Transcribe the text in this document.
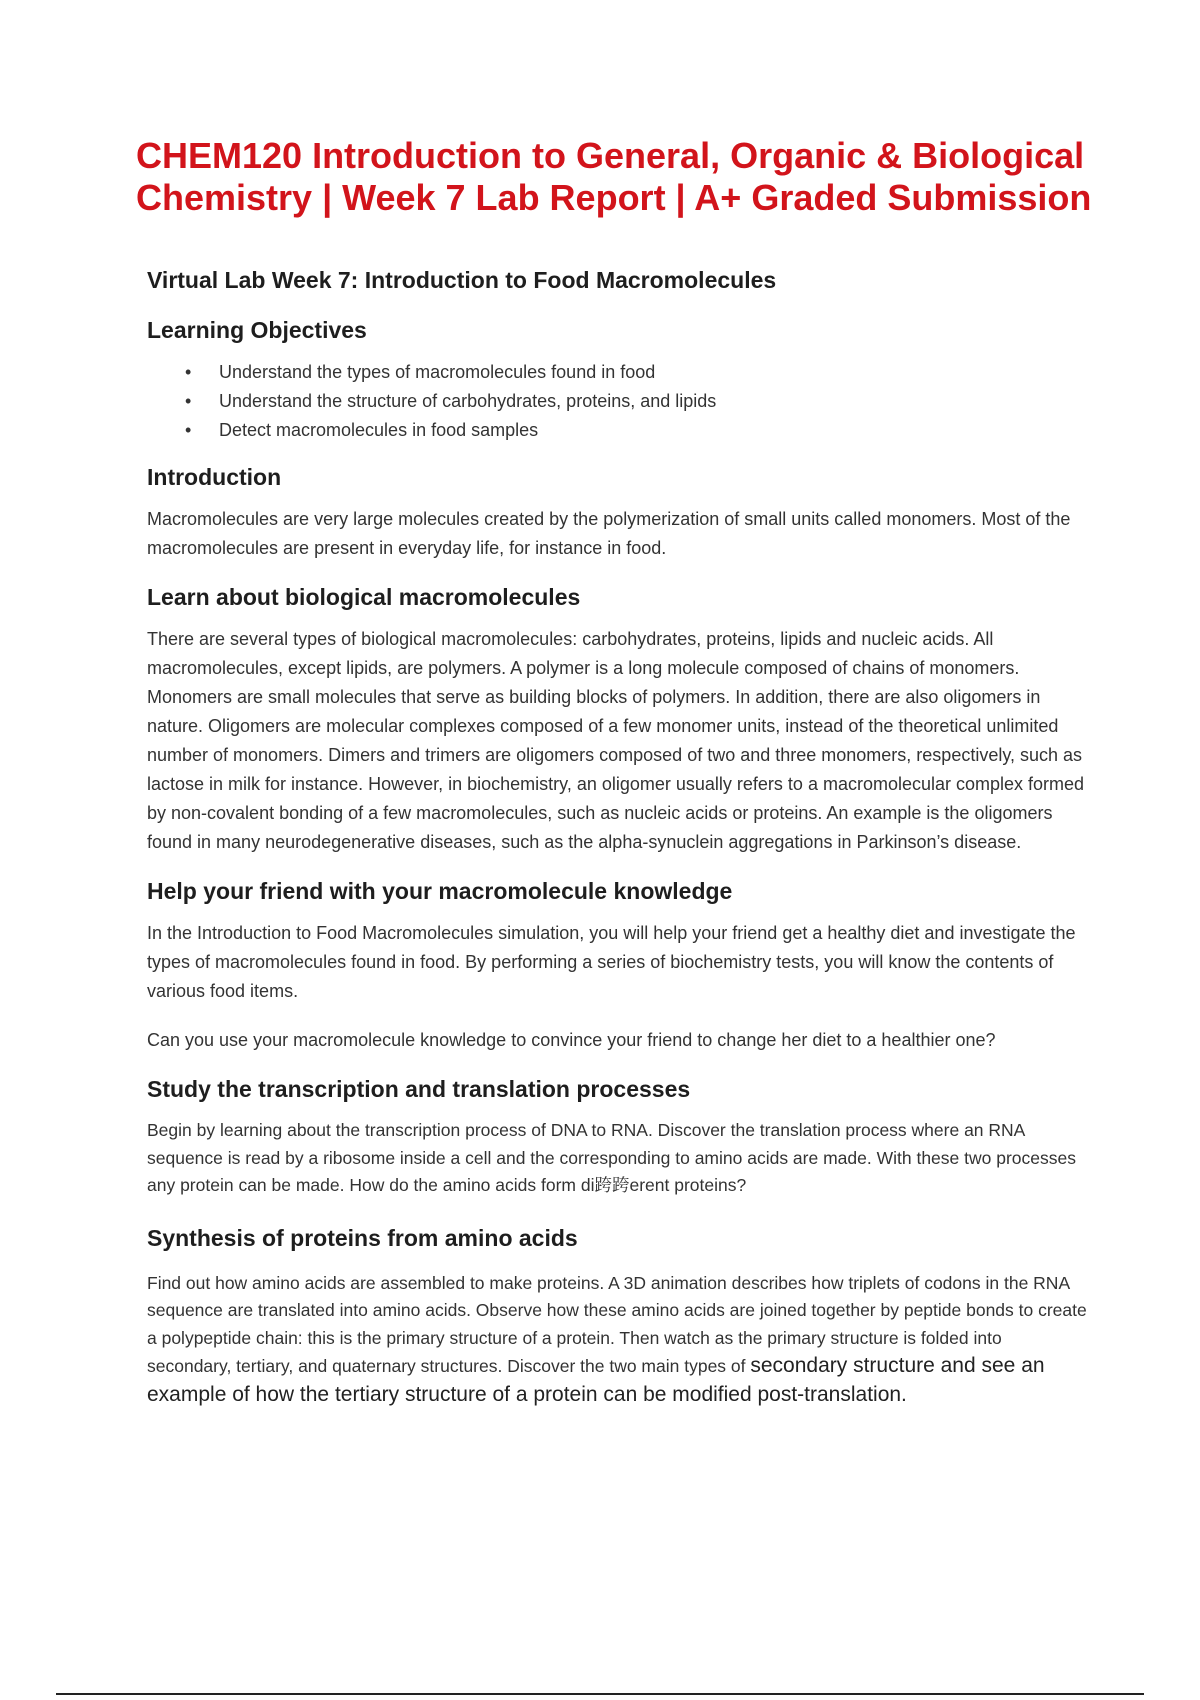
CHEM120 Introduction to General, Organic & Biological Chemistry | Week 7 Lab Report | A+ Graded Submission
Virtual Lab Week 7: Introduction to Food Macromolecules
Learning Objectives
• Understand the types of macromolecules found in food
• Understand the structure of carbohydrates, proteins, and lipids
• Detect macromolecules in food samples
Introduction

Macromolecules are very large molecules created by the polymerization of small units called monomers. Most of the macromolecules are present in everyday life, for instance in food.

Learn about biological macromolecules

There are several types of biological macromolecules: carbohydrates, proteins, lipids and nucleic acids. All macromolecules, except lipids, are polymers. A polymer is a long molecule composed of chains of monomers. Monomers are small molecules that serve as building blocks of polymers. In addition, there are also oligomers in nature. Oligomers are molecular complexes composed of a few monomer units, instead of the theoretical unlimited number of monomers. Dimers and trimers are oligomers composed of two and three monomers, respectively, such as lactose in milk for instance. However, in biochemistry, an oligomer usually refers to a macromolecular complex formed by non-covalent bonding of a few macromolecules, such as nucleic acids or proteins. An example is the oligomers found in many neurodegenerative diseases, such as the alpha-synuclein aggregations in Parkinson’s disease.

Help your friend with your macromolecule knowledge

In the Introduction to Food Macromolecules simulation, you will help your friend get a healthy diet and investigate the types of macromolecules found in food. By performing a series of biochemistry tests, you will know the contents of various food items.

Can you use your macromolecule knowledge to convince your friend to change her diet to a healthier one?

Study the transcription and translation processes

Begin by learning about the transcription process of DNA to RNA. Discover the translation process where an RNA sequence is read by a ribosome inside a cell and the corresponding to amino acids are made. With these two processes any protein can be made. How do the amino acids form di跨跨erent proteins?

Synthesis of proteins from amino acids

Find out how amino acids are assembled to make proteins. A 3D animation describes how triplets of codons in the RNA sequence are translated into amino acids. Observe how these amino acids are joined together by peptide bonds to create a polypeptide chain: this is the primary structure of a protein. Then watch as the primary structure is folded into secondary, tertiary, and quaternary structures. Discover the two main types of secondary structure and see an example of how the tertiary structure of a protein can be modified post-translation.
